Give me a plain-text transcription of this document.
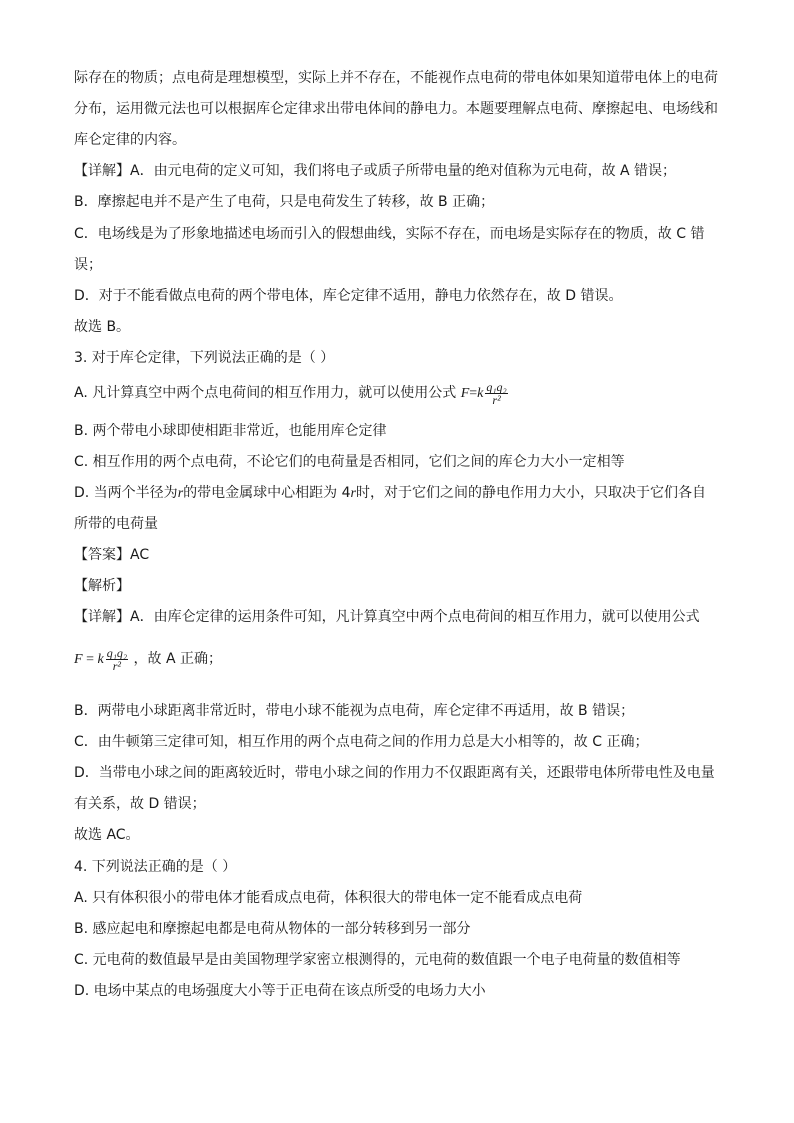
际存在的物质；点电荷是理想模型，实际上并不存在，不能视作点电荷的带电体如果知道带电体上的电荷
分布，运用微元法也可以根据库仑定律求出带电体间的静电力。本题要理解点电荷、摩擦起电、电场线和
库仑定律的内容。
【详解】A．由元电荷的定义可知，我们将电子或质子所带电量的绝对值称为元电荷，故 A 错误；
B．摩擦起电并不是产生了电荷，只是电荷发生了转移，故 B 正确；
C．电场线是为了形象地描述电场而引入的假想曲线，实际不存在，而电场是实际存在的物质，故 C 错
误；
D．对于不能看做点电荷的两个带电体，库仑定律不适用，静电力依然存在，故 D 错误。
故选 B。
3. 对于库仑定律，下列说法正确的是（ ）
A. 凡计算真空中两个点电荷间的相互作用力，就可以使用公式 $F=k \frac{\text{q₁q₂}}{\text{r²}}$
B. 两个带电小球即使相距非常近，也能用库仑定律
C. 相互作用的两个点电荷，不论它们的电荷量是否相同，它们之间的库仑力大小一定相等
D. 当两个半径为r的带电金属球中心相距为 4r时，对于它们之间的静电作用力大小，只取决于它们各自
所带的电荷量
【答案】AC
【解析】
【详解】A．由库仑定律的运用条件可知，凡计算真空中两个点电荷间的相互作用力，就可以使用公式
F = k $\frac{\text{q₁q₂}}{\text{r²}}$ ，故 A 正确；
B．两带电小球距离非常近时，带电小球不能视为点电荷，库仑定律不再适用，故 B 错误；
C．由牛顿第三定律可知，相互作用的两个点电荷之间的作用力总是大小相等的，故 C 正确；
D．当带电小球之间的距离较近时，带电小球之间的作用力不仅跟距离有关，还跟带电体所带电性及电量
有关系，故 D 错误；
故选 AC。
4. 下列说法正确的是（ ）
A. 只有体积很小的带电体才能看成点电荷，体积很大的带电体一定不能看成点电荷
B. 感应起电和摩擦起电都是电荷从物体的一部分转移到另一部分
C. 元电荷的数值最早是由美国物理学家密立根测得的，元电荷的数值跟一个电子电荷量的数值相等
D. 电场中某点的电场强度大小等于正电荷在该点所受的电场力大小
